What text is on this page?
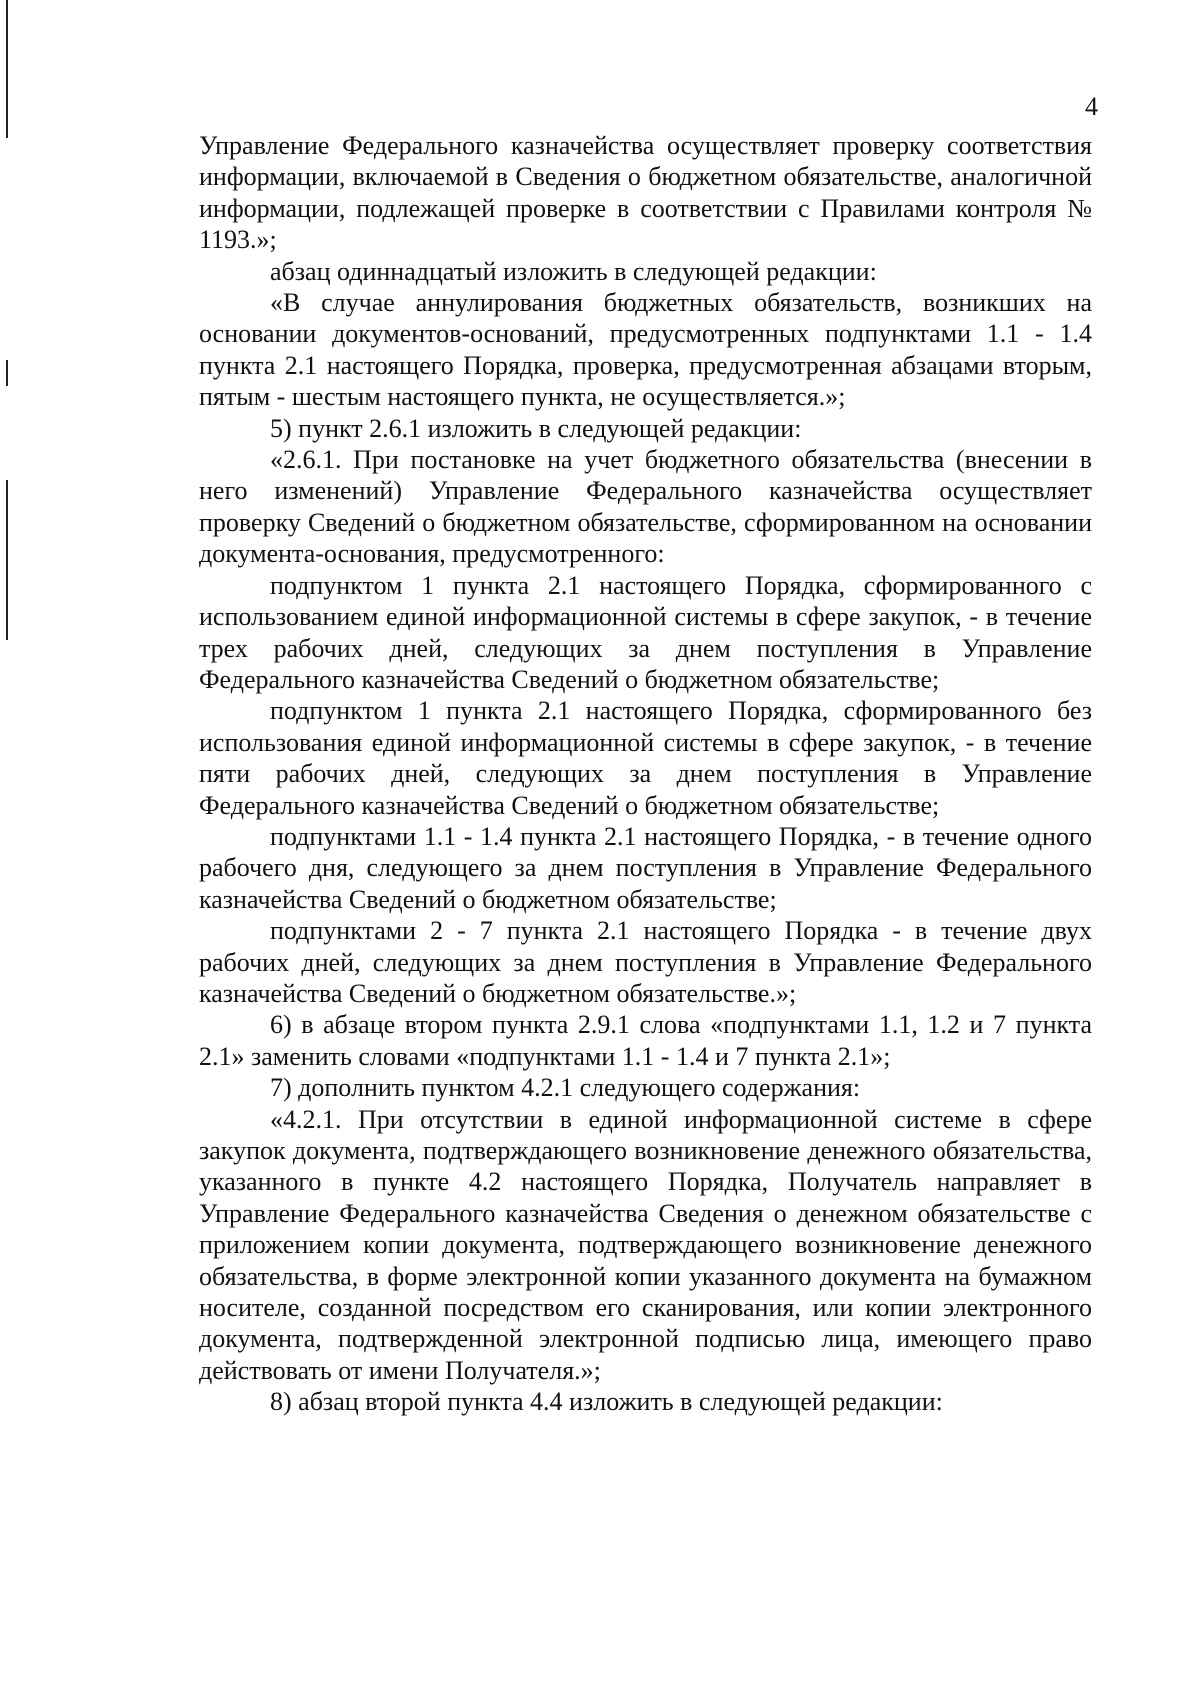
4

Управление Федерального казначейства осуществляет проверку соответствия информации, включаемой в Сведения о бюджетном обязательстве, аналогичной информации, подлежащей проверке в соответствии с Правилами контроля № 1193.»;

абзац одиннадцатый изложить в следующей редакции:

«В случае аннулирования бюджетных обязательств, возникших на основании документов-оснований, предусмотренных подпунктами 1.1 - 1.4 пункта 2.1 настоящего Порядка, проверка, предусмотренная абзацами вторым, пятым - шестым настоящего пункта, не осуществляется.»;

5) пункт 2.6.1 изложить в следующей редакции:

«2.6.1. При постановке на учет бюджетного обязательства (внесении в него изменений) Управление Федерального казначейства осуществляет проверку Сведений о бюджетном обязательстве, сформированном на основании документа-основания, предусмотренного:

подпунктом 1 пункта 2.1 настоящего Порядка, сформированного с использованием единой информационной системы в сфере закупок, - в течение трех рабочих дней, следующих за днем поступления в Управление Федерального казначейства Сведений о бюджетном обязательстве;

подпунктом 1 пункта 2.1 настоящего Порядка, сформированного без использования единой информационной системы в сфере закупок, - в течение пяти рабочих дней, следующих за днем поступления в Управление Федерального казначейства Сведений о бюджетном обязательстве;

подпунктами 1.1 - 1.4 пункта 2.1 настоящего Порядка, - в течение одного рабочего дня, следующего за днем поступления в Управление Федерального казначейства Сведений о бюджетном обязательстве;

подпунктами 2 - 7 пункта 2.1 настоящего Порядка - в течение двух рабочих дней, следующих за днем поступления в Управление Федерального казначейства Сведений о бюджетном обязательстве.»;

6) в абзаце втором пункта 2.9.1 слова «подпунктами 1.1, 1.2 и 7 пункта 2.1» заменить словами «подпунктами 1.1 - 1.4 и 7 пункта 2.1»;

7) дополнить пунктом 4.2.1 следующего содержания:

«4.2.1. При отсутствии в единой информационной системе в сфере закупок документа, подтверждающего возникновение денежного обязательства, указанного в пункте 4.2 настоящего Порядка, Получатель направляет в Управление Федерального казначейства Сведения о денежном обязательстве с приложением копии документа, подтверждающего возникновение денежного обязательства, в форме электронной копии указанного документа на бумажном носителе, созданной посредством его сканирования, или копии электронного документа, подтвержденной электронной подписью лица, имеющего право действовать от имени Получателя.»;

8) абзац второй пункта 4.4 изложить в следующей редакции:
